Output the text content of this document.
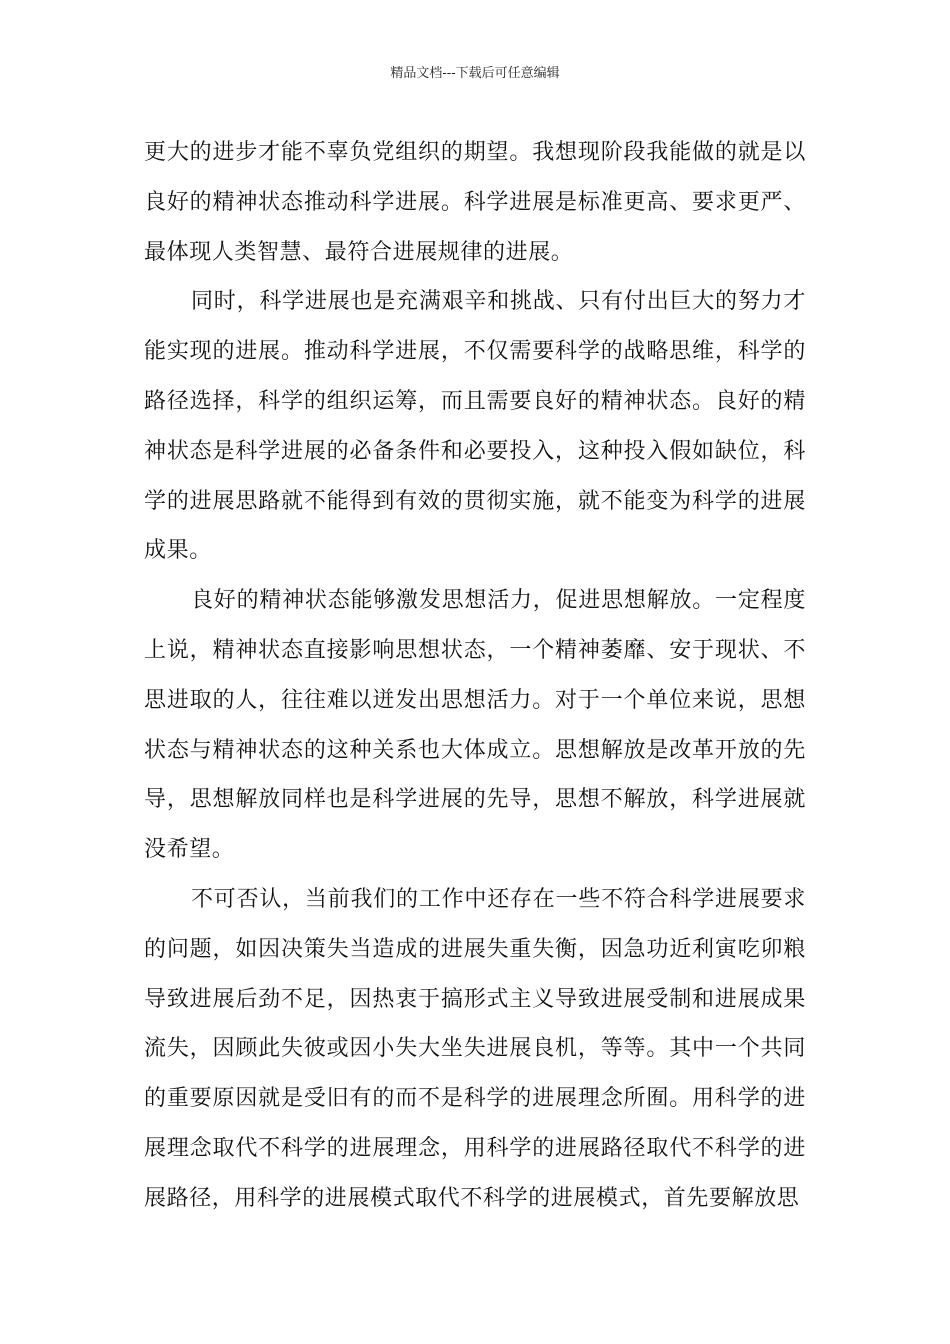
精品文档---下载后可任意编辑

更大的进步才能不辜负党组织的期望。我想现阶段我能做的就是以良好的精神状态推动科学进展。科学进展是标准更高、要求更严、最体现人类智慧、最符合进展规律的进展。

同时，科学进展也是充满艰辛和挑战、只有付出巨大的努力才能实现的进展。推动科学进展，不仅需要科学的战略思维，科学的路径选择，科学的组织运筹，而且需要良好的精神状态。良好的精神状态是科学进展的必备条件和必要投入，这种投入假如缺位，科学的进展思路就不能得到有效的贯彻实施，就不能变为科学的进展成果。

良好的精神状态能够激发思想活力，促进思想解放。一定程度上说，精神状态直接影响思想状态，一个精神萎靡、安于现状、不思进取的人，往往难以迸发出思想活力。对于一个单位来说，思想状态与精神状态的这种关系也大体成立。思想解放是改革开放的先导，思想解放同样也是科学进展的先导，思想不解放，科学进展就没希望。

不可否认，当前我们的工作中还存在一些不符合科学进展要求的问题，如因决策失当造成的进展失重失衡，因急功近利寅吃卯粮导致进展后劲不足，因热衷于搞形式主义导致进展受制和进展成果流失，因顾此失彼或因小失大坐失进展良机，等等。其中一个共同的重要原因就是受旧有的而不是科学的进展理念所囿。用科学的进展理念取代不科学的进展理念，用科学的进展路径取代不科学的进展路径，用科学的进展模式取代不科学的进展模式，首先要解放思
